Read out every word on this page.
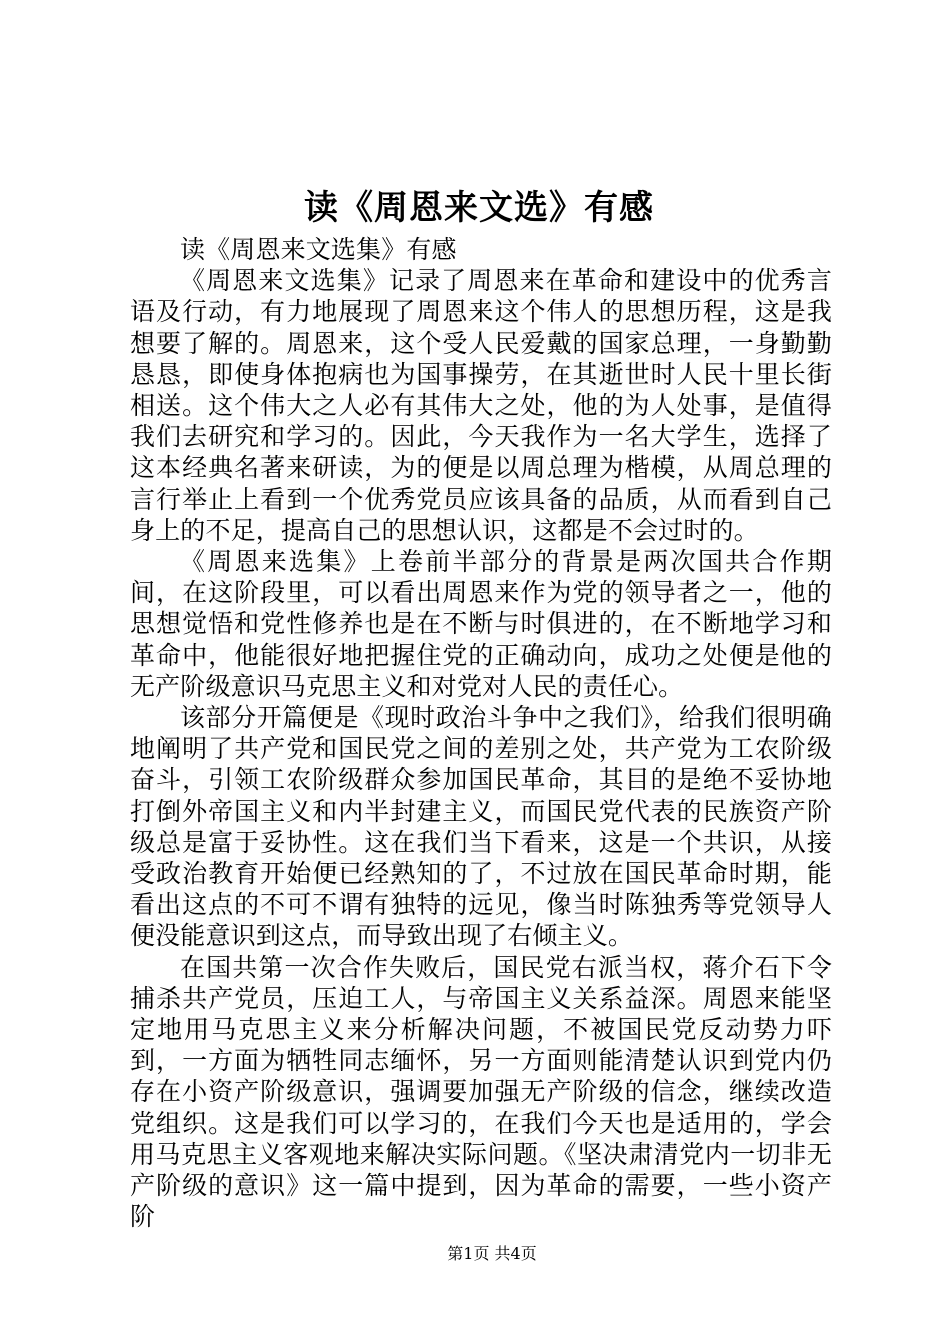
读《周恩来文选》有感

读《周恩来文选集》有感

《周恩来文选集》记录了周恩来在革命和建设中的优秀言语及行动，有力地展现了周恩来这个伟人的思想历程，这是我想要了解的。周恩来，这个受人民爱戴的国家总理，一身勤勤恳恳，即使身体抱病也为国事操劳，在其逝世时人民十里长街相送。这个伟大之人必有其伟大之处，他的为人处事，是值得我们去研究和学习的。因此，今天我作为一名大学生，选择了这本经典名著来研读，为的便是以周总理为楷模，从周总理的言行举止上看到一个优秀党员应该具备的品质，从而看到自己身上的不足，提高自己的思想认识，这都是不会过时的。

《周恩来选集》上卷前半部分的背景是两次国共合作期间，在这阶段里，可以看出周恩来作为党的领导者之一，他的思想觉悟和党性修养也是在不断与时俱进的，在不断地学习和革命中，他能很好地把握住党的正确动向，成功之处便是他的无产阶级意识马克思主义和对党对人民的责任心。

该部分开篇便是《现时政治斗争中之我们》，给我们很明确地阐明了共产党和国民党之间的差别之处，共产党为工农阶级奋斗，引领工农阶级群众参加国民革命，其目的是绝不妥协地打倒外帝国主义和内半封建主义，而国民党代表的民族资产阶级总是富于妥协性。这在我们当下看来，这是一个共识，从接受政治教育开始便已经熟知的了，不过放在国民革命时期，能看出这点的不可不谓有独特的远见，像当时陈独秀等党领导人便没能意识到这点，而导致出现了右倾主义。

在国共第一次合作失败后，国民党右派当权，蒋介石下令捕杀共产党员，压迫工人，与帝国主义关系益深。周恩来能坚定地用马克思主义来分析解决问题，不被国民党反动势力吓到，一方面为牺牲同志缅怀，另一方面则能清楚认识到党内仍存在小资产阶级意识，强调要加强无产阶级的信念，继续改造党组织。这是我们可以学习的，在我们今天也是适用的，学会用马克思主义客观地来解决实际问题。《坚决肃清党内一切非无产阶级的意识》这一篇中提到，因为革命的需要，一些小资产阶

第1页 共4页
